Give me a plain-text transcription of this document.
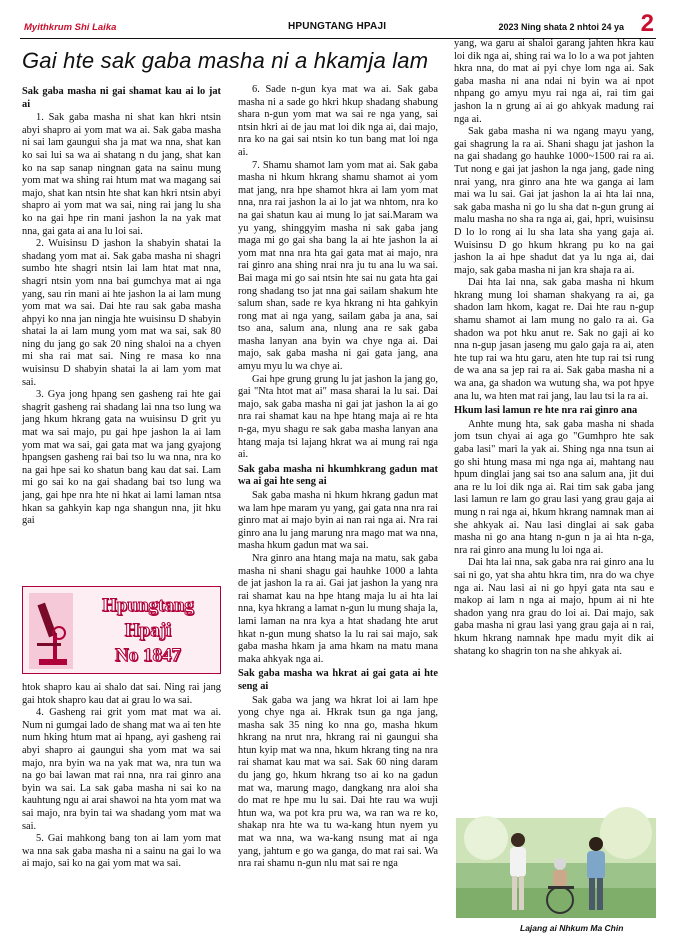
Myithkrum Shi Laika	HPUNGTANG HPAJI	2023 Ning shata 2 nhtoi 24 ya 2
Gai hte sak gaba masha ni a hkamja lam

Sak gaba masha ni gai shamat kau ai lo jat ai

1. Sak gaba masha ni shat kan hkri ntsin abyi shapro ai yom mat wa ai. Sak gaba masha ni sai lam gaungui sha ja mat wa nna, shat kan ko sai lui sa wa ai shatang n du jang, shat kan ko na sap sanap ningnan gata na sainu mung yom mat wa shing rai htum mat wa magang sai majo, shat kan ntsin hte shat kan hkri ntsin abyi shapro ai yom mat wa sai, ning rai jang lu sha ko na gai hpe rin mani jashon la na yak mat nna, gai gata ai ana lu loi sai.

2. Wuisinsu D jashon la shabyin shatai la shadang yom mat ai. Sak gaba masha ni shagri sumbo hte shagri ntsin lai lam htat mat nna, shagri ntsin yom nna bai gumchya mat ai nga yang, sau rin mani ai hte jashon la ai lam mung yom mat wa sai. Dai hte rau sak gaba masha ahpyi ko nna jan ningja hte wuisinsu D shabyin shatai la ai lam mung yom mat wa sai, sak 80 ning du jang go sak 20 ning shaloi na a chyen mi sha rai mat sai. Ning re masa ko nna wuisinsu D shabyin shatai la ai lam yom mat sai.

3. Gya jong hpang sen gasheng rai hte gai shagrit gasheng rai shadang lai nna tso lung wa jang hkum hkrang gata na wuisinsu D grit yu mat wa sai majo, pu gai hpe jashon la ai lam yom mat wa sai, gai gata mat wa jang gyajong hpangsen gasheng rai bai tso lu wa nna, nra ko na gai hpe sai ko shatun bang kau dat sai. Lam mi go sai ko na gai shadang bai tso lung wa jang, gai hpe nra hte ni hkat ai lami laman ntsa hkan sa gahkyin kap nga shangun nna, jit hku gai

Hpungtang
Hpaji
No 1847

htok shapro kau ai shalo dat sai. Ning rai jang gai htok shapro kau dat ai grau lo wa sai.

4. Gasheng rai grit yom mat mat wa ai. Num ni gumgai lado de shang mat wa ai ten hte num hking htum mat ai hpang, ayi gasheng rai abyi shapro ai gaungui sha yom mat wa sai majo, nra byin wa na yak mat wa, nra tun wa na go bai lawan mat rai nna, nra rai ginro ana byin wa sai. La sak gaba masha ni sai ko na kauhtung ngu ai arai shawoi na hta yom mat wa sai majo, nra byin tai wa shadang yom mat wa sai.

5. Gai mahkong bang ton ai lam yom mat wa nna sak gaba masha ni a sainu na gai lo wa ai majo, sai ko na gai yom mat wa sai.

6. Sade n-gun kya mat wa ai. Sak gaba masha ni a sade go hkri hkup shadang shabung shara n-gun yom mat wa sai re nga yang, sai ntsin hkri ai de jau mat loi dik nga ai, dai majo, nra ko na gai sai ntsin ko tun bang mat loi nga ai.

7. Shamu shamot lam yom mat ai. Sak gaba masha ni hkum hkrang shamu shamot ai yom mat jang, nra hpe shamot hkra ai lam yom mat nna, nra rai jashon la ai lo jat wa nhtom, nra ko na gai shatun kau ai mung lo jat sai.Maram wa yu yang, shinggyim masha ni sak gaba jang maga mi go gai sha bang la ai hte jashon la ai yom mat nna nra hta gai gata mat ai majo, nra rai ginro ana shing nrai nra ju tu ana lu wa sai. Bai maga mi go sai ntsin hte sai nu gata hta gai rong shadang tso jat nna gai sailam shakum hte salum shan, sade re kya hkrang ni hta gahkyin rong mat ai nga yang, sailam gaba ja ana, sai tso ana, salum ana, nlung ana re sak gaba masha lanyan ana byin wa chye nga ai. Dai majo, sak gaba masha ni gai gata jang, ana amyu myu lu wa chye ai.

Gai hpe grung grung lu jat jashon la jang go, gai "Nta htot mat ai" masa sharai la lu sai. Dai majo, sak gaba masha ni gai jat jashon la ai go nra rai shamat kau na hpe htang maja ai re hta n-ga, myu shagu re sak gaba masha lanyan ana htang maja tsi lajang hkrat wa ai mung rai nga ai.

Sak gaba masha ni hkumhkrang gadun mat wa ai gai hte seng ai

Sak gaba masha ni hkum hkrang gadun mat wa lam hpe maram yu yang, gai gata nna nra rai ginro mat ai majo byin ai nan rai nga ai. Nra rai ginro ana lu jang marung nra mago mat wa nna, masha hkum gadun mat wa sai.

Nra ginro ana htang maja na matu, sak gaba masha ni shani shagu gai hauhke 1000 a lahta de jat jashon la ra ai. Gai jat jashon la yang nra rai shamat kau na hpe htang maja lu ai hta lai nna, kya hkrang a lamat n-gun lu mung shaja la, lami laman na nra kya a htat shadang hte arut hkat n-gun mung shatso la lu rai sai majo, sak gaba masha hkam ja ama hkam na matu mana maka ahkyak nga ai.

Sak gaba masha wa hkrat ai gai gata ai hte seng ai

Sak gaba wa jang wa hkrat loi ai lam hpe yong chye nga ai. Hkrak tsun ga nga jang, masha sak 35 ning ko nna go, masha hkum hkrang na nrut nra, hkrang rai ni gaungui sha htun kyip mat wa nna, hkum hkrang ting na nra rai shamat kau mat wa sai. Sak 60 ning daram du jang go, hkum hkrang tso ai ko na gadun mat wa, marung mago, dangkang nra aloi sha do mat re hpe mu lu sai. Dai hte rau wa wuji htun wa, wa pot kra pru wa, wa ran wa re ko, shakap nra hte wa tu wa-kang htun nyem yu mat wa nna, wa wa-kang nsung mat ai nga yang, jahtum e go wa ganga, do mat rai sai. Wa nra rai shamu n-gun nlu mat sai re nga

yang, wa garu ai shaloi garang jahten hkra kau loi dik nga ai, shing rai wa lo lo a wa pot jahten hkra nna, do mat ai pyi chye lom nga ai. Sak gaba masha ni ana ndai ni byin wa ai npot nhpang go amyu myu rai nga ai, rai tim gai jashon la n grung ai ai go ahkyak madung rai nga ai.

Sak gaba masha ni wa ngang mayu yang, gai shagrung la ra ai. Shani shagu jat jashon la na gai shadang go hauhke 1000~1500 rai ra ai. Tut nong e gai jat jashon la nga jang, gade ning nrai yang, nra ginro ana hte wa ganga ai lam mai wa lu sai. Gai jat jashon la ai hta lai nna, sak gaba masha ni go lu sha dat n-gun grung ai malu masha no sha ra nga ai, gai, hpri, wuisinsu D lo lo rong ai lu sha lata sha yang gaja ai. Wuisinsu D go hkum hkrang pu ko na gai jashon la ai hpe shadut dat ya lu nga ai, dai majo, sak gaba masha ni jan kra shaja ra ai.

Dai hta lai nna, sak gaba masha ni hkum hkrang mung loi shaman shakyang ra ai, ga shadon lam hkom, kagat re. Dai hte rau n-gup shamu shamot ai lam mung no galo ra ai. Ga shadon wa pot hku anut re. Sak no gaji ai ko nna n-gup jasan jaseng mu galo gaja ra ai, aten hte tup rai wa htu garu, aten hte tup rai tsi rung de wa ana sa jep rai ra ai. Sak gaba masha ni a wa ana, ga shadon wa wutung sha, wa pot hpye ana lu, wa hten mat rai jang, lau lau tsi la ra ai.

Hkum lasi lamun re hte nra rai ginro ana

Anhte mung hta, sak gaba masha ni shada jom tsun chyai ai aga go "Gumhpro hte sak gaba lasi" mari la yak ai. Shing nga nna tsun ai go shi htung masa mi nga nga ai, mahtang nau hpum dinglai jang sai tso ana salum ana, jit dui ana re lu loi dik nga ai. Rai tim sak gaba jang lasi lamun re lam go grau lasi yang grau gaja ai mung n rai nga ai, hkum hkrang namnak man ai she ahkyak ai. Nau lasi dinglai ai sak gaba masha ni go ana htang n-gun n ja ai hta n-ga, nra rai ginro ana mung lu loi nga ai.

Dai hta lai nna, sak gaba nra rai ginro ana lu sai ni go, yat sha ahtu hkra tim, nra do wa chye nga ai. Nau lasi ai ni go hpyi gata nta sau e makop ai lam n nga ai majo, hpum ai ni hte shadon yang nra grau do loi ai. Dai majo, sak gaba masha ni grau lasi yang grau gaja ai n rai, hkum hkrang namnak hpe madu myit dik ai shatang ko shagrin ton na she ahkyak ai.

Lajang ai Nhkum Ma Chin
